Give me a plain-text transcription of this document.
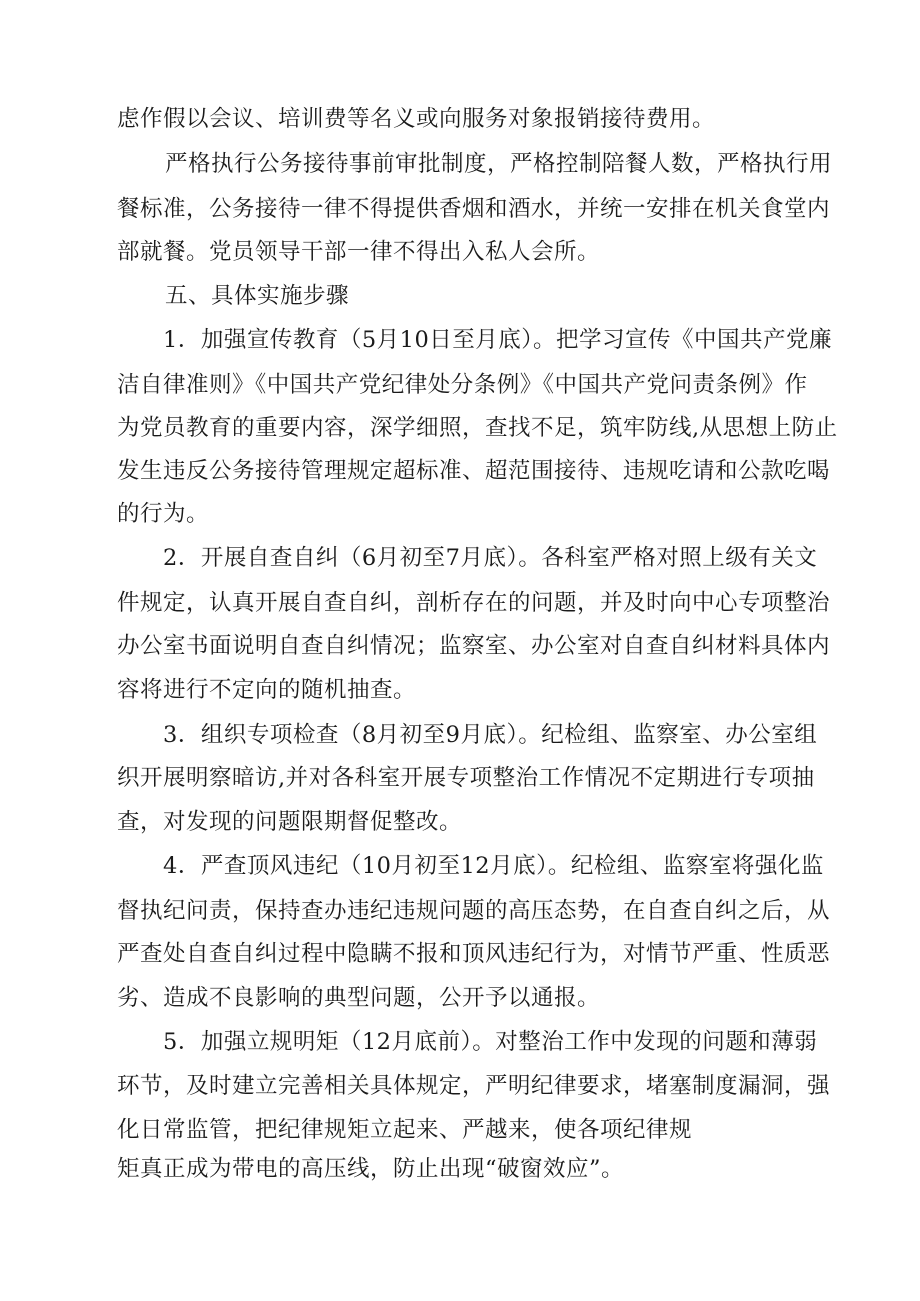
虑作假以会议、培训费等名义或向服务对象报销接待费用。
严格执行公务接待事前审批制度，严格控制陪餐人数，严格执行用
餐标准，公务接待一律不得提供香烟和酒水，并统一安排在机关食堂内
部就餐。党员领导干部一律不得出入私人会所。
五、具体实施步骤
1．加强宣传教育（5月10日至月底）。把学习宣传《中国共产党廉
洁自律准则》《中国共产党纪律处分条例》《中国共产党问责条例》作
为党员教育的重要内容，深学细照，查找不足，筑牢防线,从思想上防止
发生违反公务接待管理规定超标准、超范围接待、违规吃请和公款吃喝
的行为。
2．开展自查自纠（6月初至7月底）。各科室严格对照上级有关文
件规定，认真开展自查自纠，剖析存在的问题，并及时向中心专项整治
办公室书面说明自查自纠情况；监察室、办公室对自查自纠材料具体内
容将进行不定向的随机抽查。
3．组织专项检查（8月初至9月底）。纪检组、监察室、办公室组
织开展明察暗访,并对各科室开展专项整治工作情况不定期进行专项抽
查，对发现的问题限期督促整改。
4．严查顶风违纪（10月初至12月底）。纪检组、监察室将强化监
督执纪问责，保持查办违纪违规问题的高压态势，在自查自纠之后，从
严查处自查自纠过程中隐瞒不报和顶风违纪行为，对情节严重、性质恶
劣、造成不良影响的典型问题，公开予以通报。
5．加强立规明矩（12月底前）。对整治工作中发现的问题和薄弱
环节，及时建立完善相关具体规定，严明纪律要求，堵塞制度漏洞，强
化日常监管，把纪律规矩立起来、严越来，使各项纪律规
矩真正成为带电的高压线，防止出现“破窗效应”。
